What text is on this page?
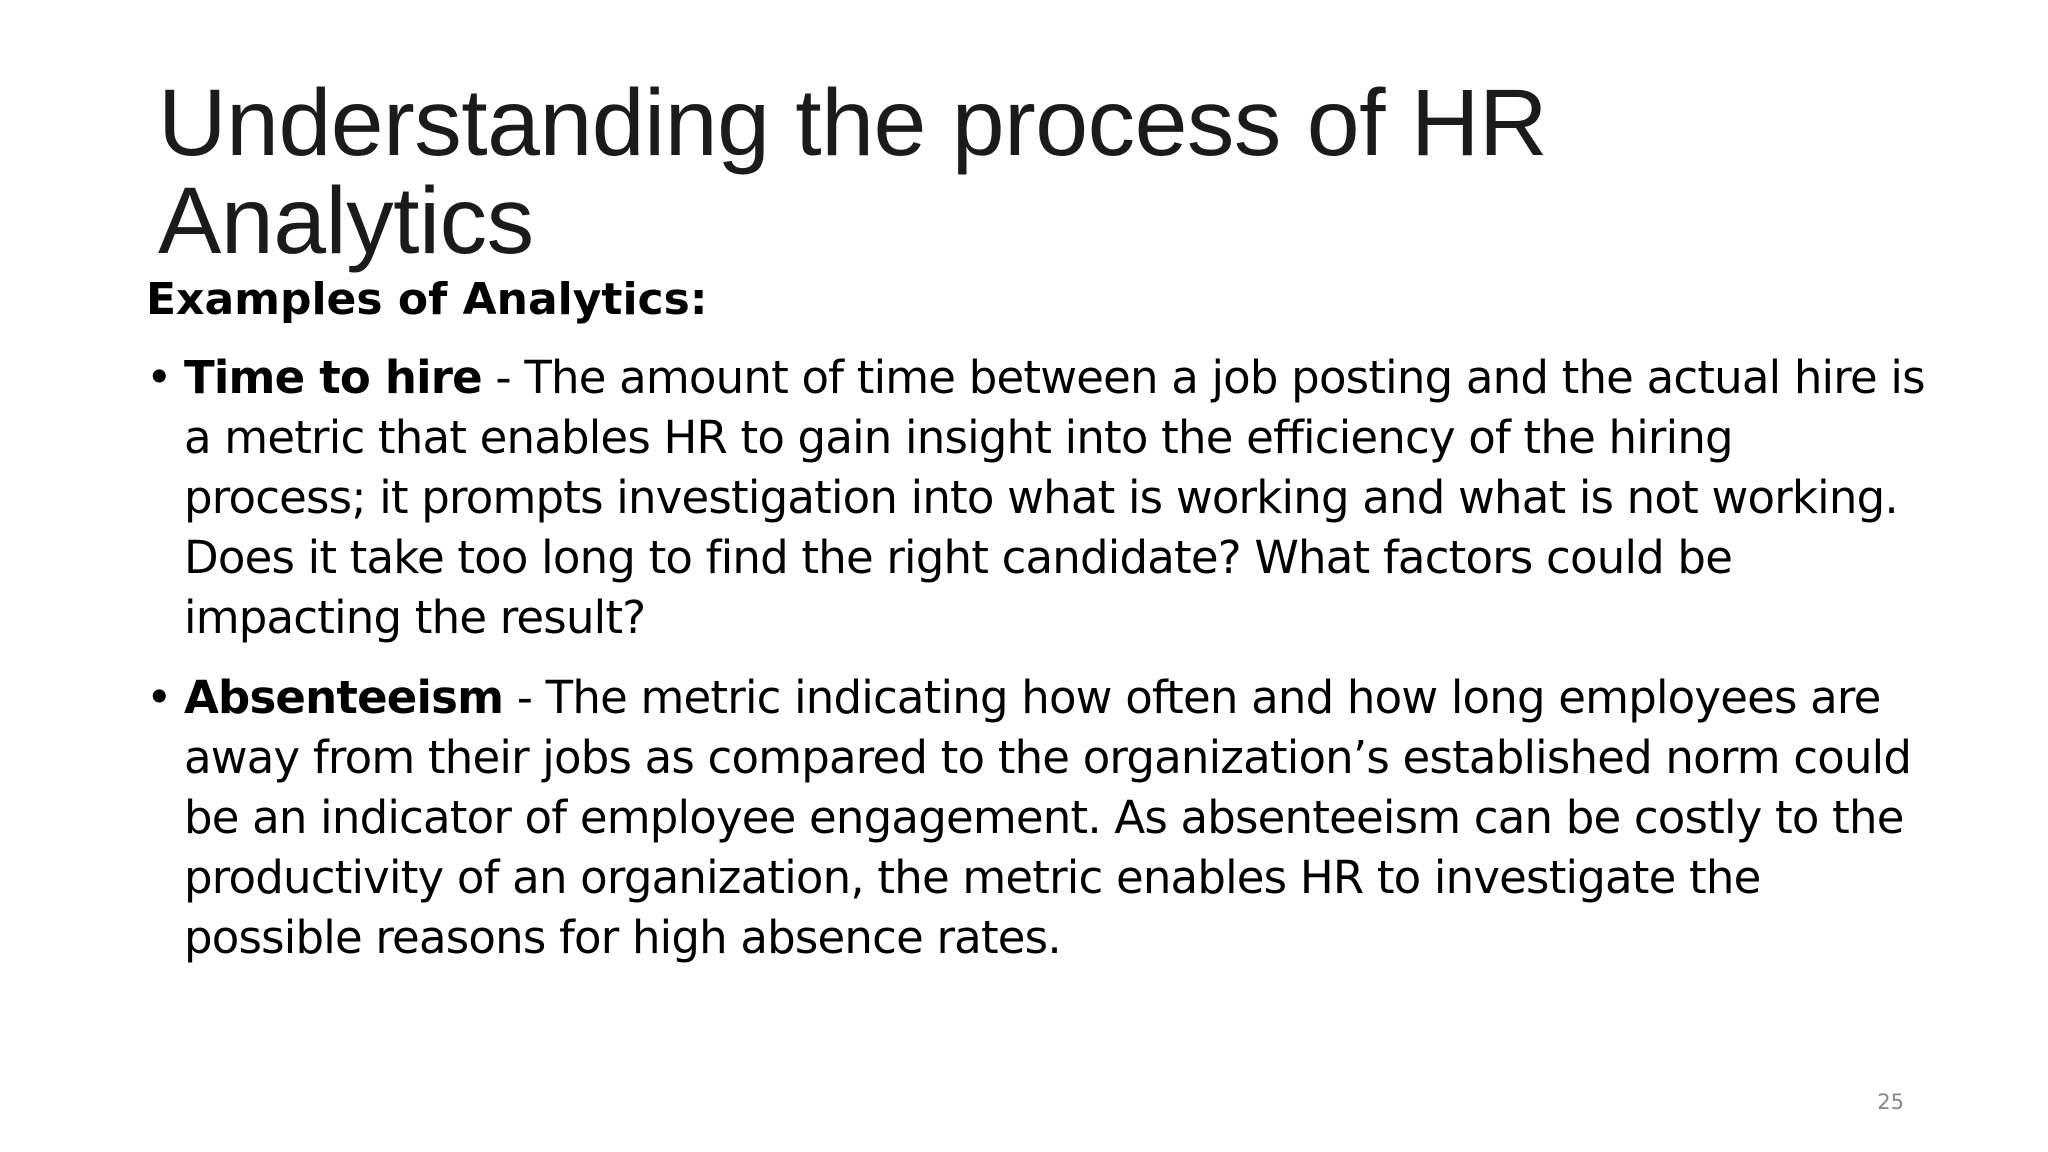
Understanding the process of HR Analytics
Examples of Analytics:
• Time to hire - The amount of time between a job posting and the actual hire is a metric that enables HR to gain insight into the efficiency of the hiring process; it prompts investigation into what is working and what is not working. Does it take too long to find the right candidate? What factors could be impacting the result?
• Absenteeism - The metric indicating how often and how long employees are away from their jobs as compared to the organization’s established norm could be an indicator of employee engagement. As absenteeism can be costly to the productivity of an organization, the metric enables HR to investigate the possible reasons for high absence rates.
25
